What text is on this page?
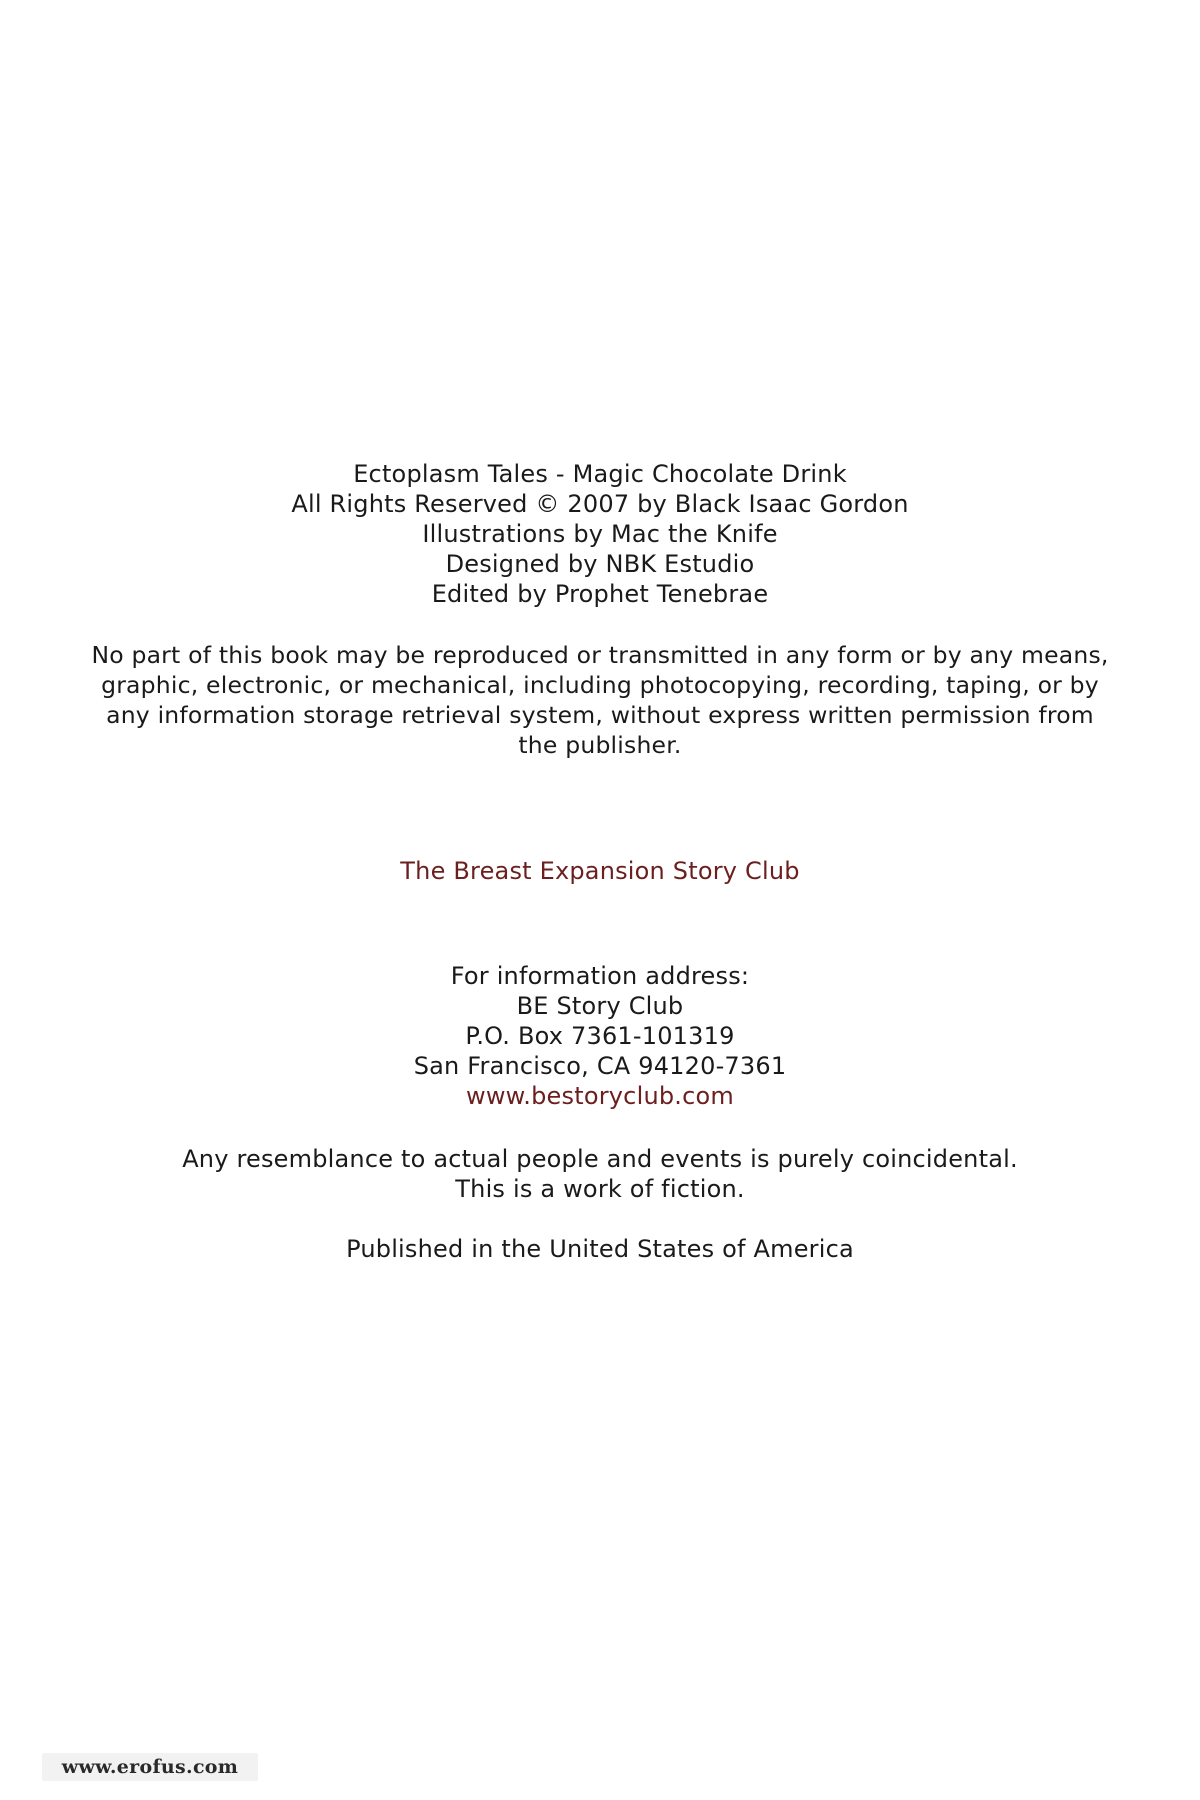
Ectoplasm Tales - Magic Chocolate Drink
All Rights Reserved © 2007 by Black Isaac Gordon
Illustrations by Mac the Knife
Designed by NBK Estudio
Edited by Prophet Tenebrae
No part of this book may be reproduced or transmitted in any form or by any means,
graphic, electronic, or mechanical, including photocopying, recording, taping, or by
any information storage retrieval system, without express written permission from
the publisher.
The Breast Expansion Story Club
For information address:
BE Story Club
P.O. Box 7361-101319
San Francisco, CA 94120-7361
www.bestoryclub.com
Any resemblance to actual people and events is purely coincidental.
This is a work of fiction.
Published in the United States of America
www.erofus.com
